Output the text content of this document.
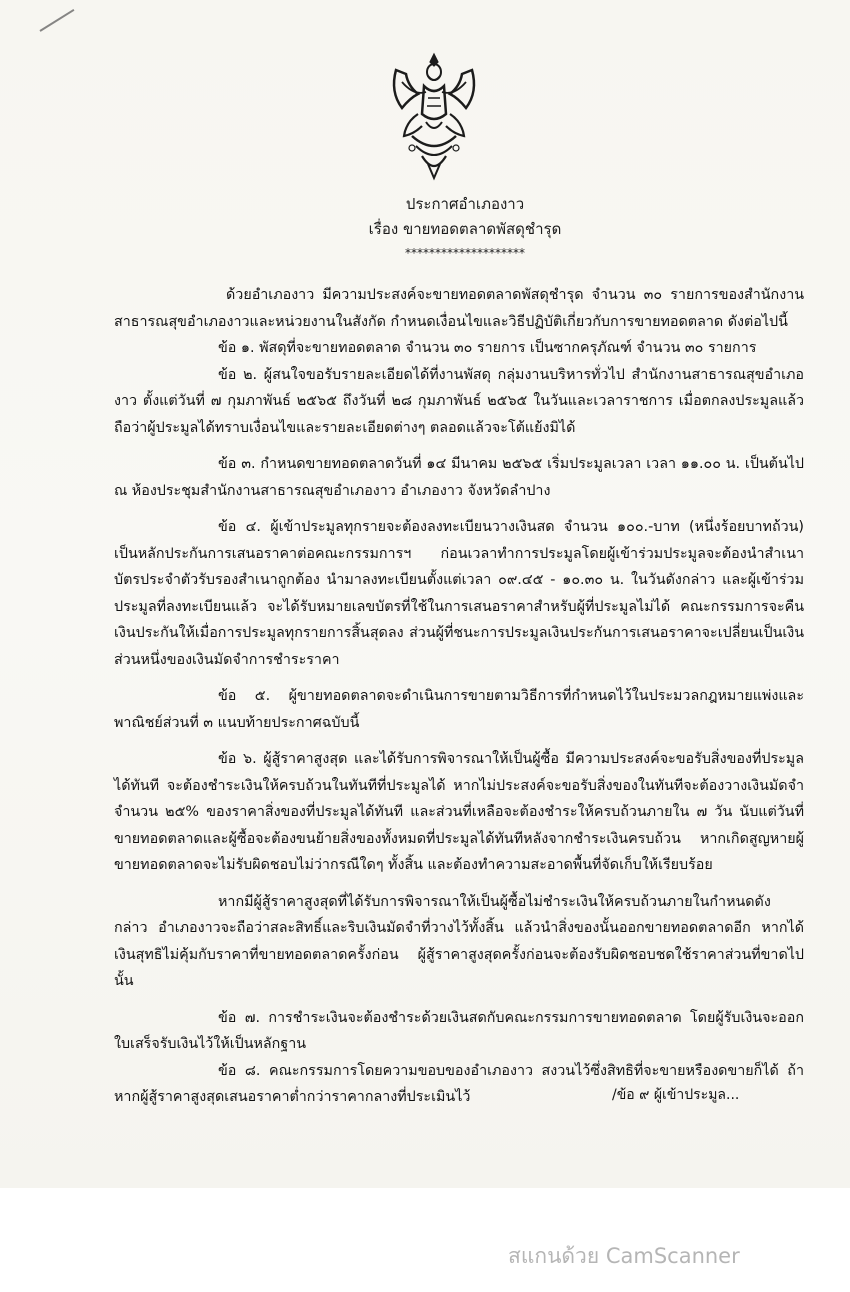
ประกาศอำเภองาว
เรื่อง ขายทอดตลาดพัสดุชำรุด
********************

ด้วยอำเภองาว มีความประสงค์จะขายทอดตลาดพัสดุชำรุด จำนวน ๓๐ รายการของสำนักงานสาธารณสุขอำเภองาวและหน่วยงานในสังกัด กำหนดเงื่อนไขและวิธีปฏิบัติเกี่ยวกับการขายทอดตลาด ดังต่อไปนี้

ข้อ ๑. พัสดุที่จะขายทอดตลาด จำนวน ๓๐ รายการ เป็นซากครุภัณฑ์ จำนวน ๓๐ รายการ

ข้อ ๒. ผู้สนใจขอรับรายละเอียดได้ที่งานพัสดุ กลุ่มงานบริหารทั่วไป สำนักงานสาธารณสุขอำเภองาว ตั้งแต่วันที่ ๗ กุมภาพันธ์ ๒๕๖๕ ถึงวันที่ ๒๘ กุมภาพันธ์ ๒๕๖๕ ในวันและเวลาราชการ เมื่อตกลงประมูลแล้วถือว่าผู้ประมูลได้ทราบเงื่อนไขและรายละเอียดต่างๆ ตลอดแล้วจะโต้แย้งมิได้

ข้อ ๓. กำหนดขายทอดตลาดวันที่ ๑๔ มีนาคม ๒๕๖๕ เริ่มประมูลเวลา เวลา ๑๑.๐๐ น. เป็นต้นไป ณ ห้องประชุมสำนักงานสาธารณสุขอำเภองาว อำเภองาว จังหวัดลำปาง

ข้อ ๔. ผู้เข้าประมูลทุกรายจะต้องลงทะเบียนวางเงินสด จำนวน ๑๐๐.-บาท (หนึ่งร้อยบาทถ้วน) เป็นหลักประกันการเสนอราคาต่อคณะกรรมการฯ ก่อนเวลาทำการประมูลโดยผู้เข้าร่วมประมูลจะต้องนำสำเนาบัตรประจำตัวรับรองสำเนาถูกต้อง นำมาลงทะเบียนตั้งแต่เวลา ๐๙.๔๕ - ๑๐.๓๐ น. ในวันดังกล่าว และผู้เข้าร่วมประมูลที่ลงทะเบียนแล้ว จะได้รับหมายเลขบัตรที่ใช้ในการเสนอราคาสำหรับผู้ที่ประมูลไม่ได้ คณะกรรมการจะคืนเงินประกันให้เมื่อการประมูลทุกรายการสิ้นสุดลง ส่วนผู้ที่ชนะการประมูลเงินประกันการเสนอราคาจะเปลี่ยนเป็นเงินส่วนหนึ่งของเงินมัดจำการชำระราคา

ข้อ ๕. ผู้ขายทอดตลาดจะดำเนินการขายตามวิธีการที่กำหนดไว้ในประมวลกฎหมายแพ่งและพาณิชย์ส่วนที่ ๓ แนบท้ายประกาศฉบับนี้

ข้อ ๖. ผู้สู้ราคาสูงสุด และได้รับการพิจารณาให้เป็นผู้ซื้อ มีความประสงค์จะขอรับสิ่งของที่ประมูลได้ทันที จะต้องชำระเงินให้ครบถ้วนในทันทีที่ประมูลได้ หากไม่ประสงค์จะขอรับสิ่งของในทันทีจะต้องวางเงินมัดจำ จำนวน ๒๕% ของราคาสิ่งของที่ประมูลได้ทันที และส่วนที่เหลือจะต้องชำระให้ครบถ้วนภายใน ๗ วัน นับแต่วันที่ขายทอดตลาดและผู้ซื้อจะต้องขนย้ายสิ่งของทั้งหมดที่ประมูลได้ทันทีหลังจากชำระเงินครบถ้วน หากเกิดสูญหายผู้ขายทอดตลาดจะไม่รับผิดชอบไม่ว่ากรณีใดๆ ทั้งสิ้น และต้องทำความสะอาดพื้นที่จัดเก็บให้เรียบร้อย

หากมีผู้สู้ราคาสูงสุดที่ได้รับการพิจารณาให้เป็นผู้ซื้อไม่ชำระเงินให้ครบถ้วนภายในกำหนดดังกล่าว อำเภองาวจะถือว่าสละสิทธิ์และริบเงินมัดจำที่วางไว้ทั้งสิ้น แล้วนำสิ่งของนั้นออกขายทอดตลาดอีก หากได้เงินสุทธิไม่คุ้มกับราคาที่ขายทอดตลาดครั้งก่อน ผู้สู้ราคาสูงสุดครั้งก่อนจะต้องรับผิดชอบชดใช้ราคาส่วนที่ขาดไปนั้น

ข้อ ๗. การชำระเงินจะต้องชำระด้วยเงินสดกับคณะกรรมการขายทอดตลาด โดยผู้รับเงินจะออกใบเสร็จรับเงินไว้ให้เป็นหลักฐาน

ข้อ ๘. คณะกรรมการโดยความขอบของอำเภองาว สงวนไว้ซึ่งสิทธิที่จะขายหรืองดขายก็ได้ ถ้าหากผู้สู้ราคาสูงสุดเสนอราคาต่ำกว่าราคากลางที่ประเมินไว้	/ข้อ ๙ ผู้เข้าประมูล...
สแกนด้วย CamScanner
